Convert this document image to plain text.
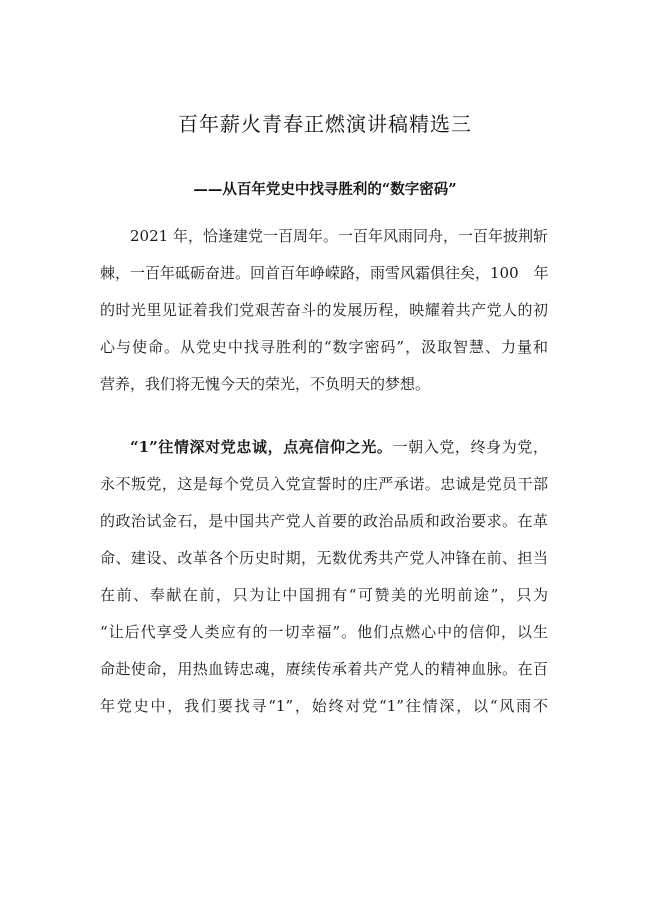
百年薪火青春正燃演讲稿精选三
——从百年党史中找寻胜利的“数字密码”
2021 年，恰逢建党一百周年。一百年风雨同舟，一百年披荆斩
棘，一百年砥砺奋进。回首百年峥嵘路，雨雪风霜俱往矣，100　年
的时光里见证着我们党艰苦奋斗的发展历程，映耀着共产党人的初
心与使命。从党史中找寻胜利的“数字密码”，汲取智慧、力量和
营养，我们将无愧今天的荣光，不负明天的梦想。
“1”往情深对党忠诚，点亮信仰之光。一朝入党，终身为党，
永不叛党，这是每个党员入党宣誓时的庄严承诺。忠诚是党员干部
的政治试金石，是中国共产党人首要的政治品质和政治要求。在革
命、建设、改革各个历史时期，无数优秀共产党人冲锋在前、担当
在前、奉献在前，只为让中国拥有“可赞美的光明前途”，只为
“让后代享受人类应有的一切幸福”。他们点燃心中的信仰，以生
命赴使命，用热血铸忠魂，赓续传承着共产党人的精神血脉。在百
年党史中，我们要找寻“1”，始终对党“1”往情深，以“风雨不
